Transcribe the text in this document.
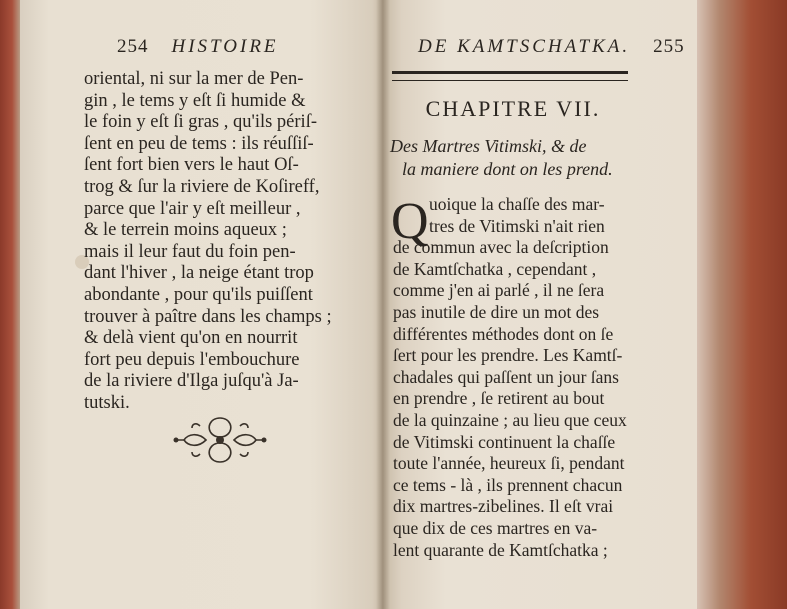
254 HISTOIRE
oriental, ni sur la mer de Pen-
gin , le tems y eſt ſi humide &
le foin y eſt ſi gras , qu'ils périſ-
ſent en peu de tems : ils réuſſiſ-
ſent fort bien vers le haut Oſ-
trog & ſur la riviere de Koſireff,
parce que l'air y eſt meilleur ,
& le terrein moins aqueux ;
mais il leur faut du foin pen-
dant l'hiver , la neige étant trop
abondante , pour qu'ils puiſſent
trouver à paître dans les champs ;
& delà vient qu'on en nourrit
fort peu depuis l'embouchure
de la riviere d'Ilga juſqu'à Ja-
tutski.
DE KAMTSCHATKA. 255
CHAPITRE VII.
Des Martres Vitimski, & de
la maniere dont on les prend.
Q uoique la chaſſe des mar-
tres de Vitimski n'ait rien
de commun avec la deſcription
de Kamtſchatka , cependant ,
comme j'en ai parlé , il ne ſera
pas inutile de dire un mot des
différentes méthodes dont on ſe
ſert pour les prendre. Les Kamtſ-
chadales qui paſſent un jour ſans
en prendre , ſe retirent au bout
de la quinzaine ; au lieu que ceux
de Vitimski continuent la chaſſe
toute l'année, heureux ſi, pendant
ce tems - là , ils prennent chacun
dix martres-zibelines. Il eſt vrai
que dix de ces martres en va-
lent quarante de Kamtſchatka ;
